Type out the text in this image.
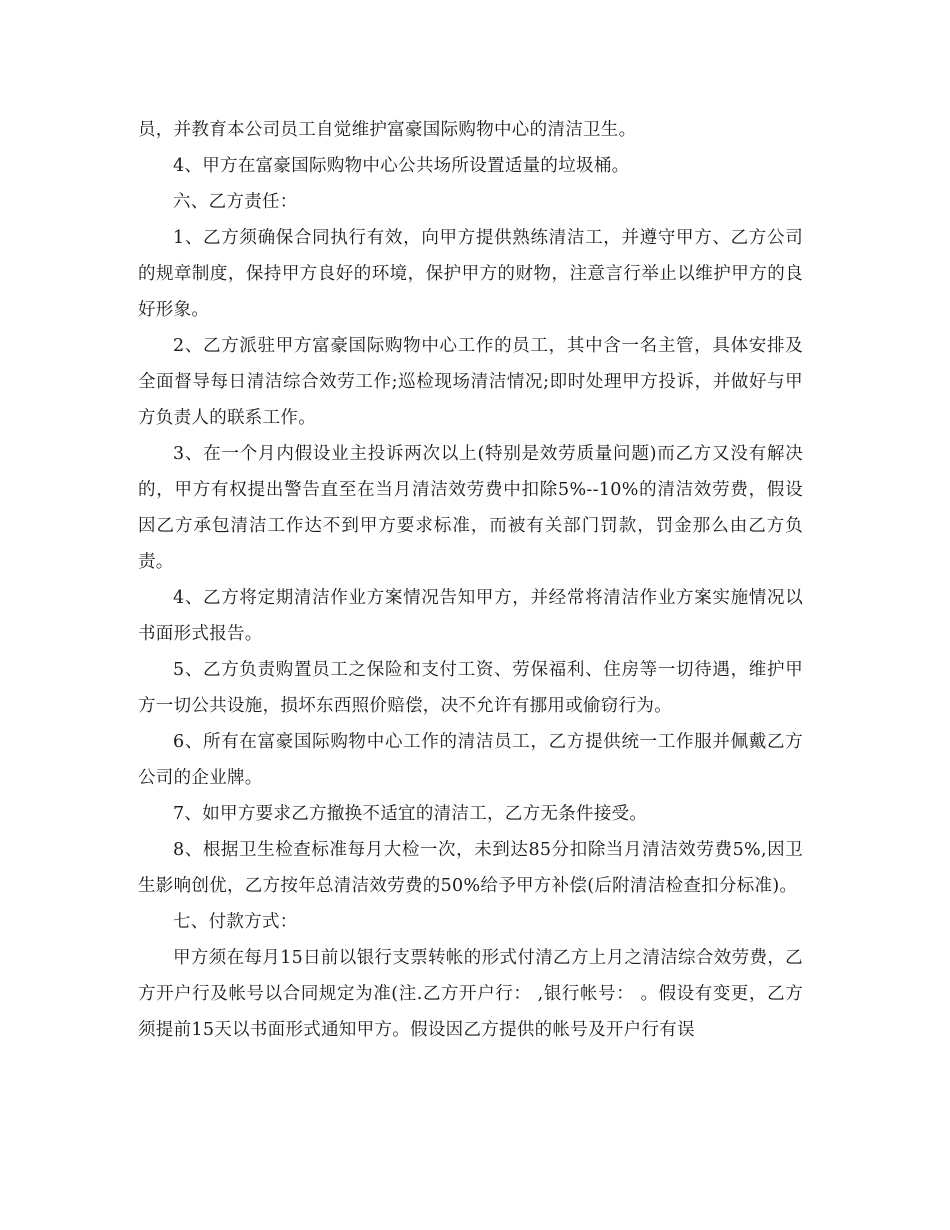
员，并教育本公司员工自觉维护富豪国际购物中心的清洁卫生。

4、甲方在富豪国际购物中心公共场所设置适量的垃圾桶。

六、乙方责任：

1、乙方须确保合同执行有效，向甲方提供熟练清洁工，并遵守甲方、乙方公司的规章制度，保持甲方良好的环境，保护甲方的财物，注意言行举止以维护甲方的良好形象。

2、乙方派驻甲方富豪国际购物中心工作的员工，其中含一名主管，具体安排及全面督导每日清洁综合效劳工作;巡检现场清洁情况;即时处理甲方投诉，并做好与甲方负责人的联系工作。

3、在一个月内假设业主投诉两次以上(特别是效劳质量问题)而乙方又没有解决的，甲方有权提出警告直至在当月清洁效劳费中扣除5%--10%的清洁效劳费，假设因乙方承包清洁工作达不到甲方要求标准，而被有关部门罚款，罚金那么由乙方负责。

4、乙方将定期清洁作业方案情况告知甲方，并经常将清洁作业方案实施情况以书面形式报告。

5、乙方负责购置员工之保险和支付工资、劳保福利、住房等一切待遇，维护甲方一切公共设施，损坏东西照价赔偿，决不允许有挪用或偷窃行为。

6、所有在富豪国际购物中心工作的清洁员工，乙方提供统一工作服并佩戴乙方公司的企业牌。

7、如甲方要求乙方撤换不适宜的清洁工，乙方无条件接受。

8、根据卫生检查标准每月大检一次，未到达85分扣除当月清洁效劳费5%,因卫生影响创优，乙方按年总清洁效劳费的50%给予甲方补偿(后附清洁检查扣分标准)。

七、付款方式：

甲方须在每月15日前以银行支票转帐的形式付清乙方上月之清洁综合效劳费，乙方开户行及帐号以合同规定为准(注.乙方开户行： ,银行帐号： 。假设有变更，乙方须提前15天以书面形式通知甲方。假设因乙方提供的帐号及开户行有误
